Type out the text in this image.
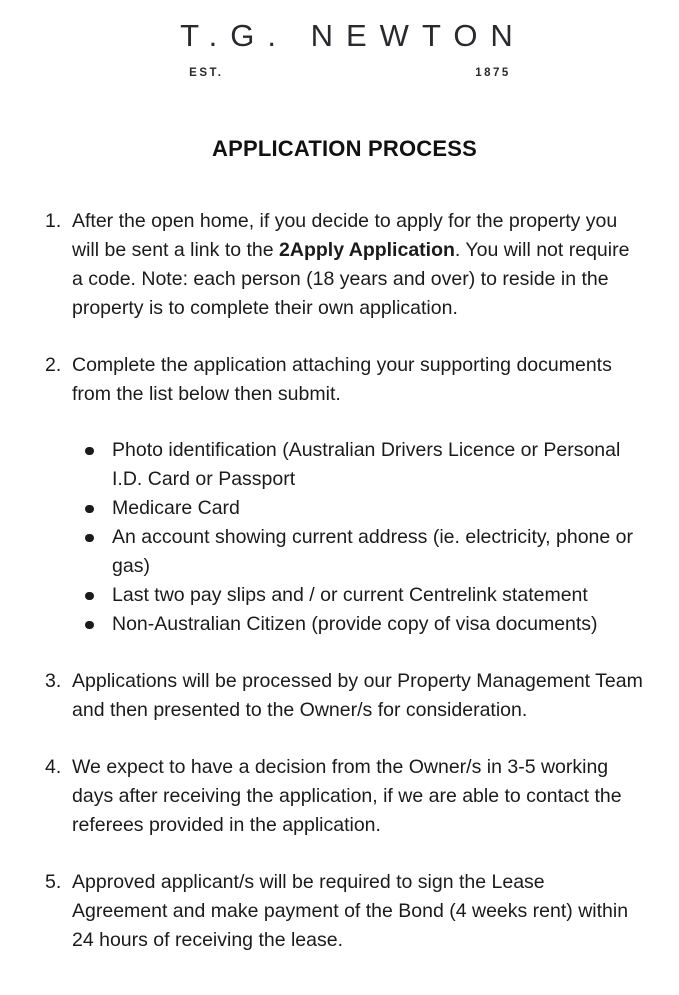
T.G. NEWTON
EST.	1875
APPLICATION PROCESS
1. After the open home, if you decide to apply for the property you will be sent a link to the 2Apply Application. You will not require a code. Note: each person (18 years and over) to reside in the property is to complete their own application.
2. Complete the application attaching your supporting documents from the list below then submit.
Photo identification (Australian Drivers Licence or Personal I.D. Card or Passport
Medicare Card
An account showing current address (ie. electricity, phone or gas)
Last two pay slips and / or current Centrelink statement
Non-Australian Citizen (provide copy of visa documents)
3. Applications will be processed by our Property Management Team and then presented to the Owner/s for consideration.
4. We expect to have a decision from the Owner/s in 3-5 working days after receiving the application, if we are able to contact the referees provided in the application.
5. Approved applicant/s will be required to sign the Lease Agreement and make payment of the Bond (4 weeks rent) within 24 hours of receiving the lease.
